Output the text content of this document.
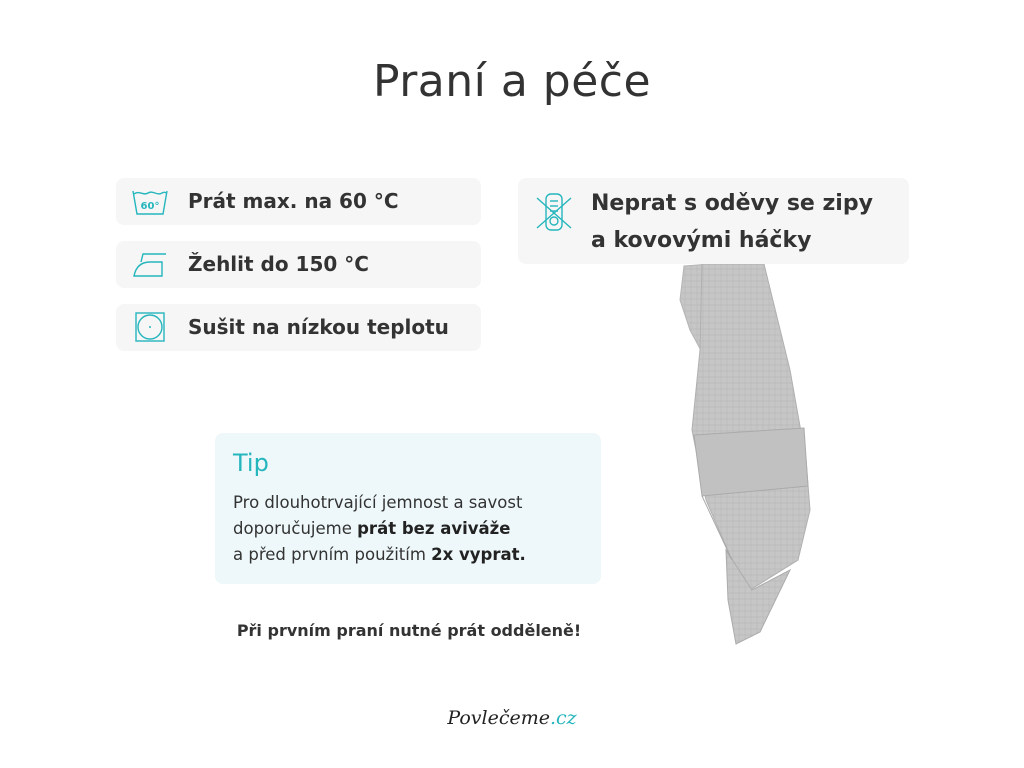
Praní a péče
60° Prát max. na 60 °C
Žehlit do 150 °C
Sušit na nízkou teplotu
Neprat s oděvy se zipy
a kovovými háčky
Tip
Pro dlouhotrvající jemnost a savost
doporučujeme prát bez aviváže
a před prvním použitím 2x vyprat.
Při prvním praní nutné prát odděleně!
Povlečeme.cz
